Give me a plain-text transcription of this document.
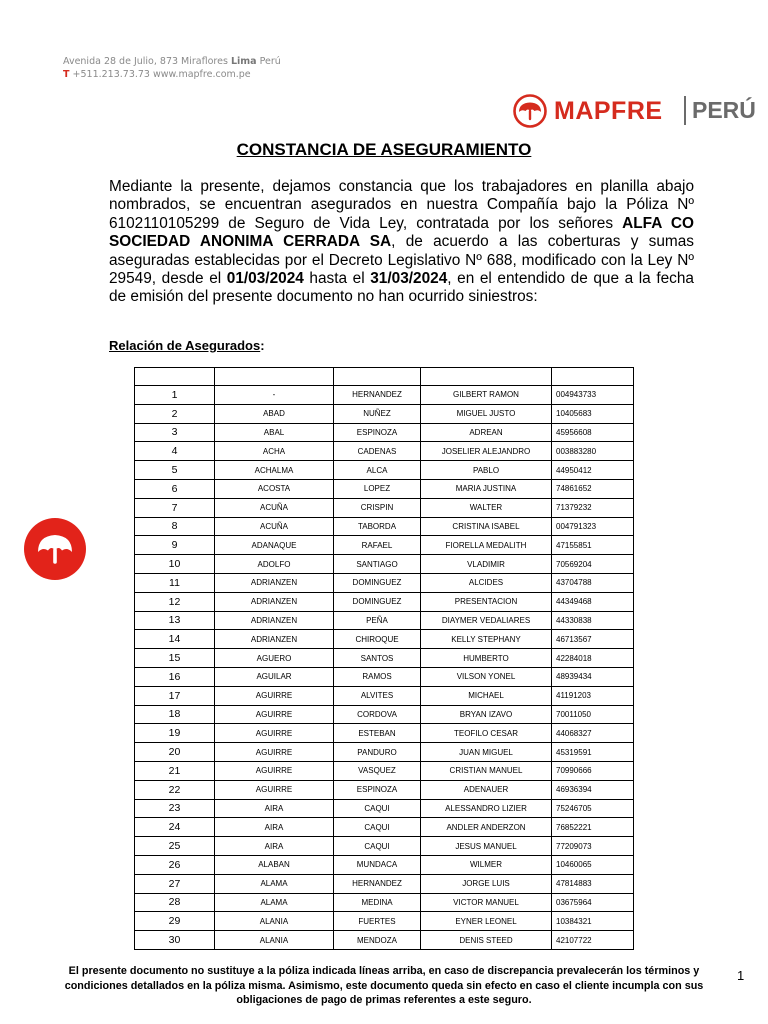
Avenida 28 de Julio, 873 Miraflores Lima Perú
T +511.213.73.73 www.mapfre.com.pe
MAPFRE PERÚ
CONSTANCIA DE ASEGURAMIENTO
Mediante la presente, dejamos constancia que los trabajadores en planilla abajo nombrados, se encuentran asegurados en nuestra Compañía bajo la Póliza Nº 6102110105299 de Seguro de Vida Ley, contratada por los señores ALFA CO SOCIEDAD ANONIMA CERRADA SA, de acuerdo a las coberturas y sumas aseguradas establecidas por el Decreto Legislativo Nº 688, modificado con la Ley Nº 29549, desde el 01/03/2024 hasta el 31/03/2024, en el entendido de que a la fecha de emisión del presente documento no han ocurrido siniestros:
Relación de Asegurados:

1	-	HERNANDEZ	GILBERT RAMON	004943733
2	ABAD	NUÑEZ	MIGUEL JUSTO	10405683
3	ABAL	ESPINOZA	ADREAN	45956608
4	ACHA	CADENAS	JOSELIER ALEJANDRO	003883280
5	ACHALMA	ALCA	PABLO	44950412
6	ACOSTA	LOPEZ	MARIA JUSTINA	74861652
7	ACUÑA	CRISPIN	WALTER	71379232
8	ACUÑA	TABORDA	CRISTINA ISABEL	004791323
9	ADANAQUE	RAFAEL	FIORELLA MEDALITH	47155851
10	ADOLFO	SANTIAGO	VLADIMIR	70569204
11	ADRIANZEN	DOMINGUEZ	ALCIDES	43704788
12	ADRIANZEN	DOMINGUEZ	PRESENTACION	44349468
13	ADRIANZEN	PEÑA	DIAYMER VEDALIARES	44330838
14	ADRIANZEN	CHIROQUE	KELLY STEPHANY	46713567
15	AGUERO	SANTOS	HUMBERTO	42284018
16	AGUILAR	RAMOS	VILSON YONEL	48939434
17	AGUIRRE	ALVITES	MICHAEL	41191203
18	AGUIRRE	CORDOVA	BRYAN IZAVO	70011050
19	AGUIRRE	ESTEBAN	TEOFILO CESAR	44068327
20	AGUIRRE	PANDURO	JUAN MIGUEL	45319591
21	AGUIRRE	VASQUEZ	CRISTIAN MANUEL	70990666
22	AGUIRRE	ESPINOZA	ADENAUER	46936394
23	AIRA	CAQUI	ALESSANDRO LIZIER	75246705
24	AIRA	CAQUI	ANDLER ANDERZON	76852221
25	AIRA	CAQUI	JESUS MANUEL	77209073
26	ALABAN	MUNDACA	WILMER	10460065
27	ALAMA	HERNANDEZ	JORGE LUIS	47814883
28	ALAMA	MEDINA	VICTOR MANUEL	03675964
29	ALANIA	FUERTES	EYNER LEONEL	10384321
30	ALANIA	MENDOZA	DENIS STEED	42107722
El presente documento no sustituye a la póliza indicada líneas arriba, en caso de discrepancia prevalecerán los términos y condiciones detallados en la póliza misma. Asimismo, este documento queda sin efecto en caso el cliente incumpla con sus obligaciones de pago de primas referentes a este seguro.
1
